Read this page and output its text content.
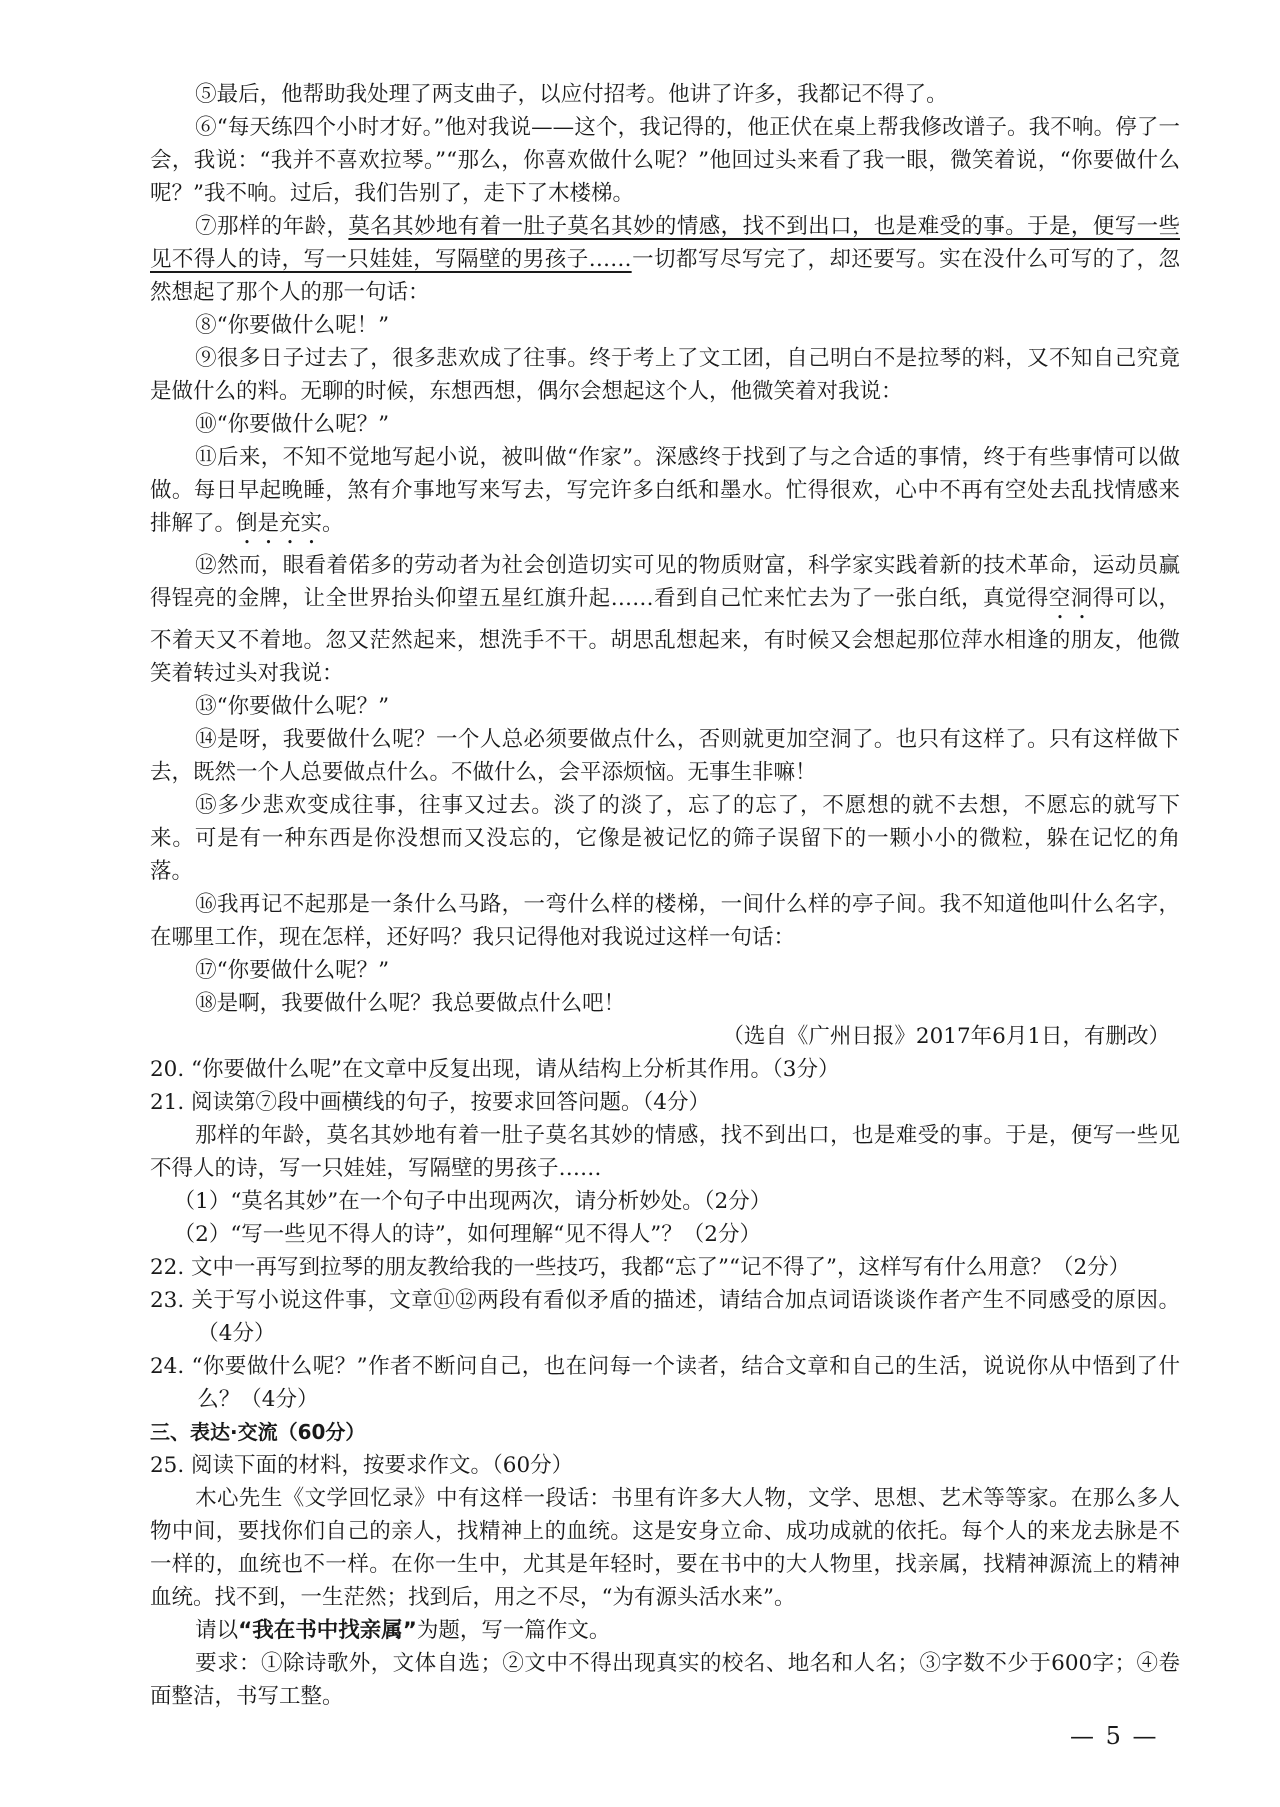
⑤最后，他帮助我处理了两支曲子，以应付招考。他讲了许多，我都记不得了。

⑥“每天练四个小时才好。”他对我说——这个，我记得的，他正伏在桌上帮我修改谱子。我不响。停了一会，我说：“我并不喜欢拉琴。”“那么，你喜欢做什么呢？”他回过头来看了我一眼，微笑着说，“你要做什么呢？”我不响。过后，我们告别了，走下了木楼梯。

⑦那样的年龄，莫名其妙地有着一肚子莫名其妙的情感，找不到出口，也是难受的事。于是，便写一些见不得人的诗，写一只娃娃，写隔壁的男孩子……一切都写尽写完了，却还要写。实在没什么可写的了，忽然想起了那个人的那一句话：

⑧“你要做什么呢！”

⑨很多日子过去了，很多悲欢成了往事。终于考上了文工团，自己明白不是拉琴的料，又不知自己究竟是做什么的料。无聊的时候，东想西想，偶尔会想起这个人，他微笑着对我说：

⑩“你要做什么呢？”

⑪后来，不知不觉地写起小说，被叫做“作家”。深感终于找到了与之合适的事情，终于有些事情可以做做。每日早起晚睡，煞有介事地写来写去，写完许多白纸和墨水。忙得很欢，心中不再有空处去乱找情感来排解了。倒是充实。

⑫然而，眼看着偌多的劳动者为社会创造切实可见的物质财富，科学家实践着新的技术革命，运动员赢得锃亮的金牌，让全世界抬头仰望五星红旗升起……看到自己忙来忙去为了一张白纸，真觉得空洞得可以，不着天又不着地。忽又茫然起来，想洗手不干。胡思乱想起来，有时候又会想起那位萍水相逢的朋友，他微笑着转过头对我说：

⑬“你要做什么呢？”

⑭是呀，我要做什么呢？一个人总必须要做点什么，否则就更加空洞了。也只有这样了。只有这样做下去，既然一个人总要做点什么。不做什么，会平添烦恼。无事生非嘛！

⑮多少悲欢变成往事，往事又过去。淡了的淡了，忘了的忘了，不愿想的就不去想，不愿忘的就写下来。可是有一种东西是你没想而又没忘的，它像是被记忆的筛子误留下的一颗小小的微粒，躲在记忆的角落。

⑯我再记不起那是一条什么马路，一弯什么样的楼梯，一间什么样的亭子间。我不知道他叫什么名字，在哪里工作，现在怎样，还好吗？我只记得他对我说过这样一句话：

⑰“你要做什么呢？”

⑱是啊，我要做什么呢？我总要做点什么吧！

（选自《广州日报》2017年6月1日，有删改）

20. “你要做什么呢”在文章中反复出现，请从结构上分析其作用。（3分）

21. 阅读第⑦段中画横线的句子，按要求回答问题。（4分）

那样的年龄，莫名其妙地有着一肚子莫名其妙的情感，找不到出口，也是难受的事。于是，便写一些见不得人的诗，写一只娃娃，写隔壁的男孩子……

（1）“莫名其妙”在一个句子中出现两次，请分析妙处。（2分）

（2）“写一些见不得人的诗”，如何理解“见不得人”？（2分）

22. 文中一再写到拉琴的朋友教给我的一些技巧，我都“忘了”“记不得了”，这样写有什么用意？（2分）

23. 关于写小说这件事，文章⑪⑫两段有看似矛盾的描述，请结合加点词语谈谈作者产生不同感受的原因。（4分）

24. “你要做什么呢？”作者不断问自己，也在问每一个读者，结合文章和自己的生活，说说你从中悟到了什么？（4分）

三、表达·交流（60分）

25. 阅读下面的材料，按要求作文。（60分）

木心先生《文学回忆录》中有这样一段话：书里有许多大人物，文学、思想、艺术等等家。在那么多人物中间，要找你们自己的亲人，找精神上的血统。这是安身立命、成功成就的依托。每个人的来龙去脉是不一样的，血统也不一样。在你一生中，尤其是年轻时，要在书中的大人物里，找亲属，找精神源流上的精神血统。找不到，一生茫然；找到后，用之不尽，“为有源头活水来”。

请以“我在书中找亲属”为题，写一篇作文。

要求：①除诗歌外，文体自选；②文中不得出现真实的校名、地名和人名；③字数不少于600字；④卷面整洁，书写工整。

— 5 —
